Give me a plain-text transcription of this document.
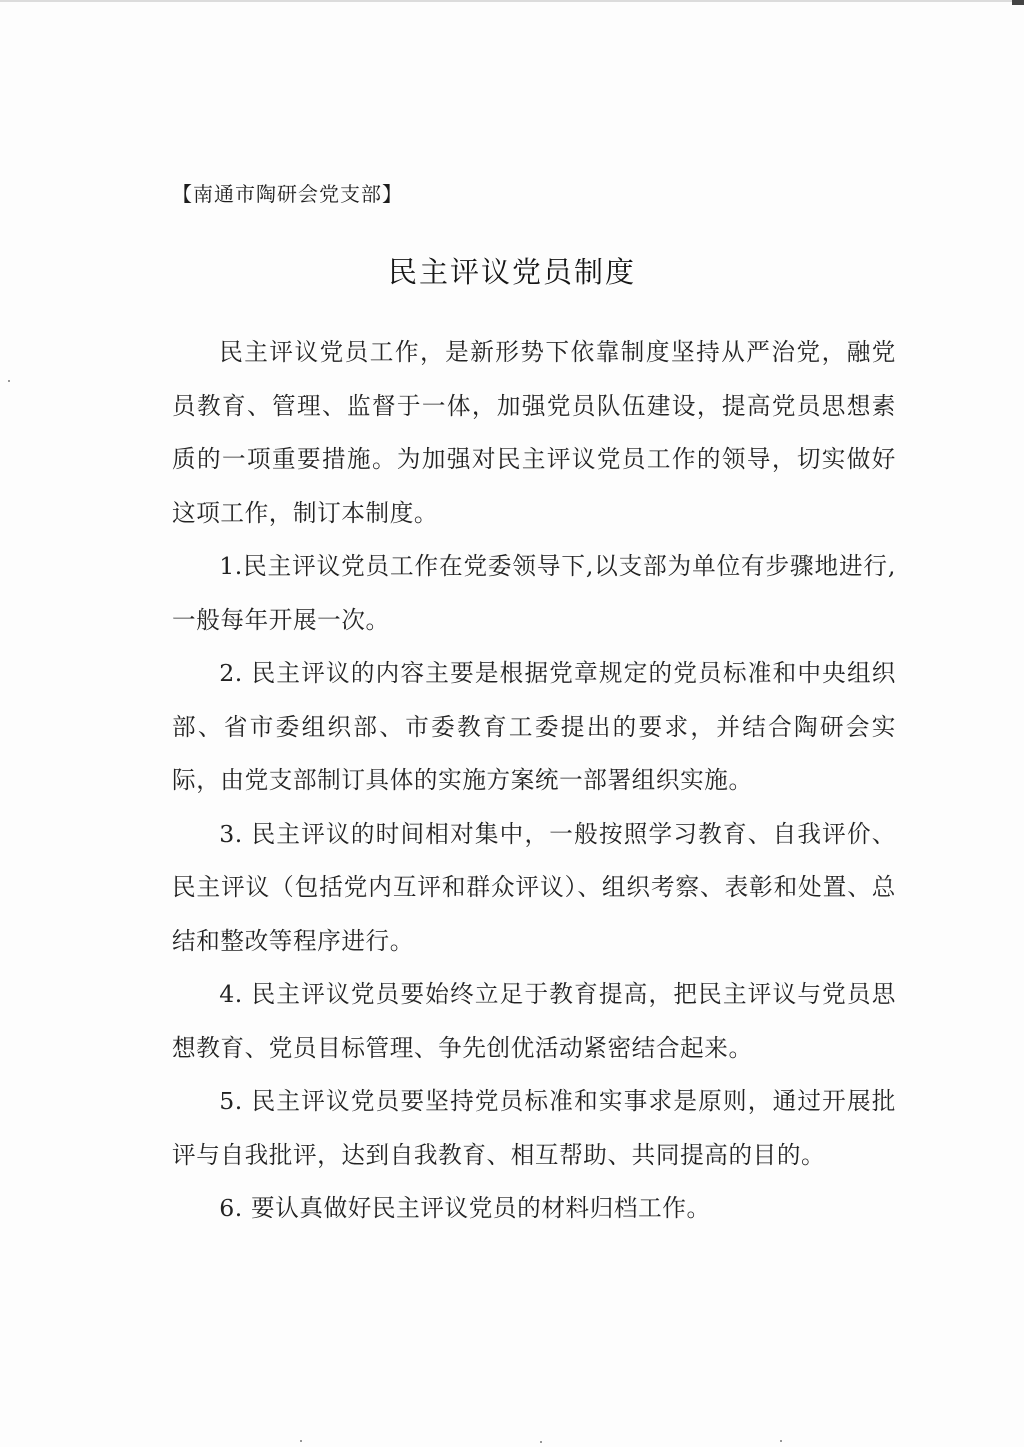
【南通市陶研会党支部】
民主评议党员制度

民主评议党员工作，是新形势下依靠制度坚持从严治党，融党员教育、管理、监督于一体，加强党员队伍建设，提高党员思想素质的一项重要措施。为加强对民主评议党员工作的领导，切实做好这项工作，制订本制度。

1.民主评议党员工作在党委领导下,以支部为单位有步骤地进行,一般每年开展一次。

2. 民主评议的内容主要是根据党章规定的党员标准和中央组织部、省市委组织部、市委教育工委提出的要求，并结合陶研会实际，由党支部制订具体的实施方案统一部署组织实施。

3. 民主评议的时间相对集中，一般按照学习教育、自我评价、民主评议（包括党内互评和群众评议）、组织考察、表彰和处置、总结和整改等程序进行。

4. 民主评议党员要始终立足于教育提高，把民主评议与党员思想教育、党员目标管理、争先创优活动紧密结合起来。

5. 民主评议党员要坚持党员标准和实事求是原则，通过开展批评与自我批评，达到自我教育、相互帮助、共同提高的目的。

6. 要认真做好民主评议党员的材料归档工作。
